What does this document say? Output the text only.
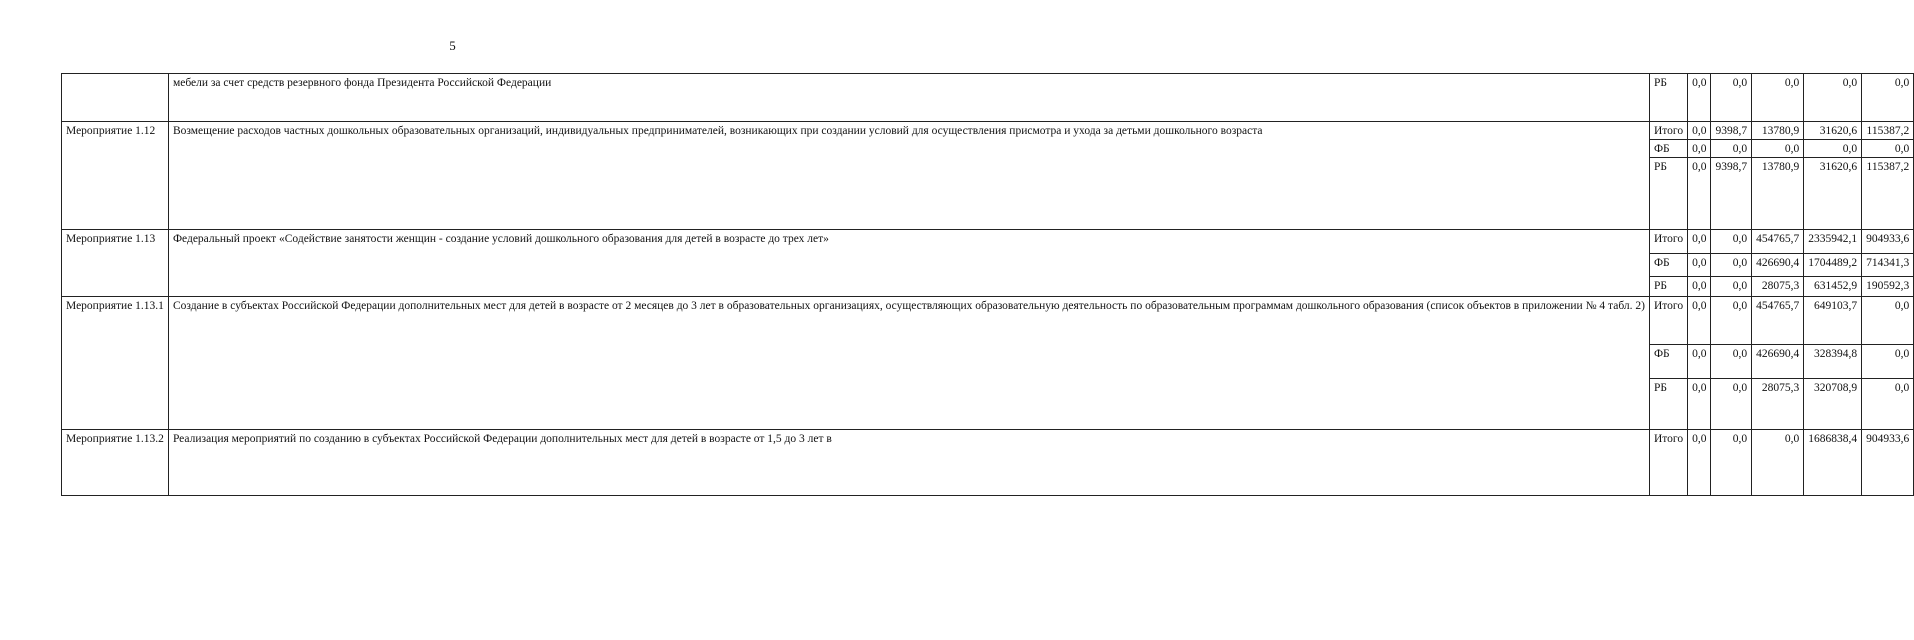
5
	мебели за счет средств резервного фонда Президента Российской Федерации	РБ	0,0	0,0	0,0	0,0	0,0
Мероприятие 1.12	Возмещение расходов частных дошкольных образовательных организаций, индивидуальных предпринимателей, возникающих при создании условий для осуществления присмотра и ухода за детьми дошкольного возраста	Итого	0,0	9398,7	13780,9	31620,6	115387,2
		ФБ	0,0	0,0	0,0	0,0	0,0
		РБ	0,0	9398,7	13780,9	31620,6	115387,2
Мероприятие 1.13	Федеральный проект «Содействие занятости женщин - создание условий дошкольного образования для детей в возрасте до трех лет»	Итого	0,0	0,0	454765,7	2335942,1	904933,6
		ФБ	0,0	0,0	426690,4	1704489,2	714341,3
		РБ	0,0	0,0	28075,3	631452,9	190592,3
Мероприятие 1.13.1	Создание в субъектах Российской Федерации дополнительных мест для детей в возрасте от 2 месяцев до 3 лет в образовательных организациях, осуществляющих образовательную деятельность по образовательным программам дошкольного образования (список объектов в приложении № 4 табл. 2)	Итого	0,0	0,0	454765,7	649103,7	0,0
		ФБ	0,0	0,0	426690,4	328394,8	0,0
		РБ	0,0	0,0	28075,3	320708,9	0,0
Мероприятие 1.13.2	Реализация мероприятий по созданию в субъектах Российской Федерации дополнительных мест для детей в возрасте от 1,5 до 3 лет в	Итого	0,0	0,0	0,0	1686838,4	904933,6
